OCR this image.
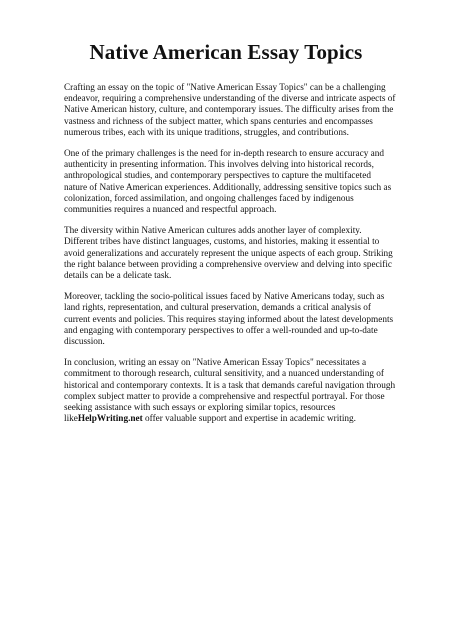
Native American Essay Topics

Crafting an essay on the topic of "Native American Essay Topics" can be a challenging endeavor, requiring a comprehensive understanding of the diverse and intricate aspects of Native American history, culture, and contemporary issues. The difficulty arises from the vastness and richness of the subject matter, which spans centuries and encompasses numerous tribes, each with its unique traditions, struggles, and contributions.

One of the primary challenges is the need for in-depth research to ensure accuracy and authenticity in presenting information. This involves delving into historical records, anthropological studies, and contemporary perspectives to capture the multifaceted nature of Native American experiences. Additionally, addressing sensitive topics such as colonization, forced assimilation, and ongoing challenges faced by indigenous communities requires a nuanced and respectful approach.

The diversity within Native American cultures adds another layer of complexity. Different tribes have distinct languages, customs, and histories, making it essential to avoid generalizations and accurately represent the unique aspects of each group. Striking the right balance between providing a comprehensive overview and delving into specific details can be a delicate task.

Moreover, tackling the socio-political issues faced by Native Americans today, such as land rights, representation, and cultural preservation, demands a critical analysis of current events and policies. This requires staying informed about the latest developments and engaging with contemporary perspectives to offer a well-rounded and up-to-date discussion.

In conclusion, writing an essay on "Native American Essay Topics" necessitates a commitment to thorough research, cultural sensitivity, and a nuanced understanding of historical and contemporary contexts. It is a task that demands careful navigation through complex subject matter to provide a comprehensive and respectful portrayal. For those seeking assistance with such essays or exploring similar topics, resources likeHelpWriting.net offer valuable support and expertise in academic writing.
